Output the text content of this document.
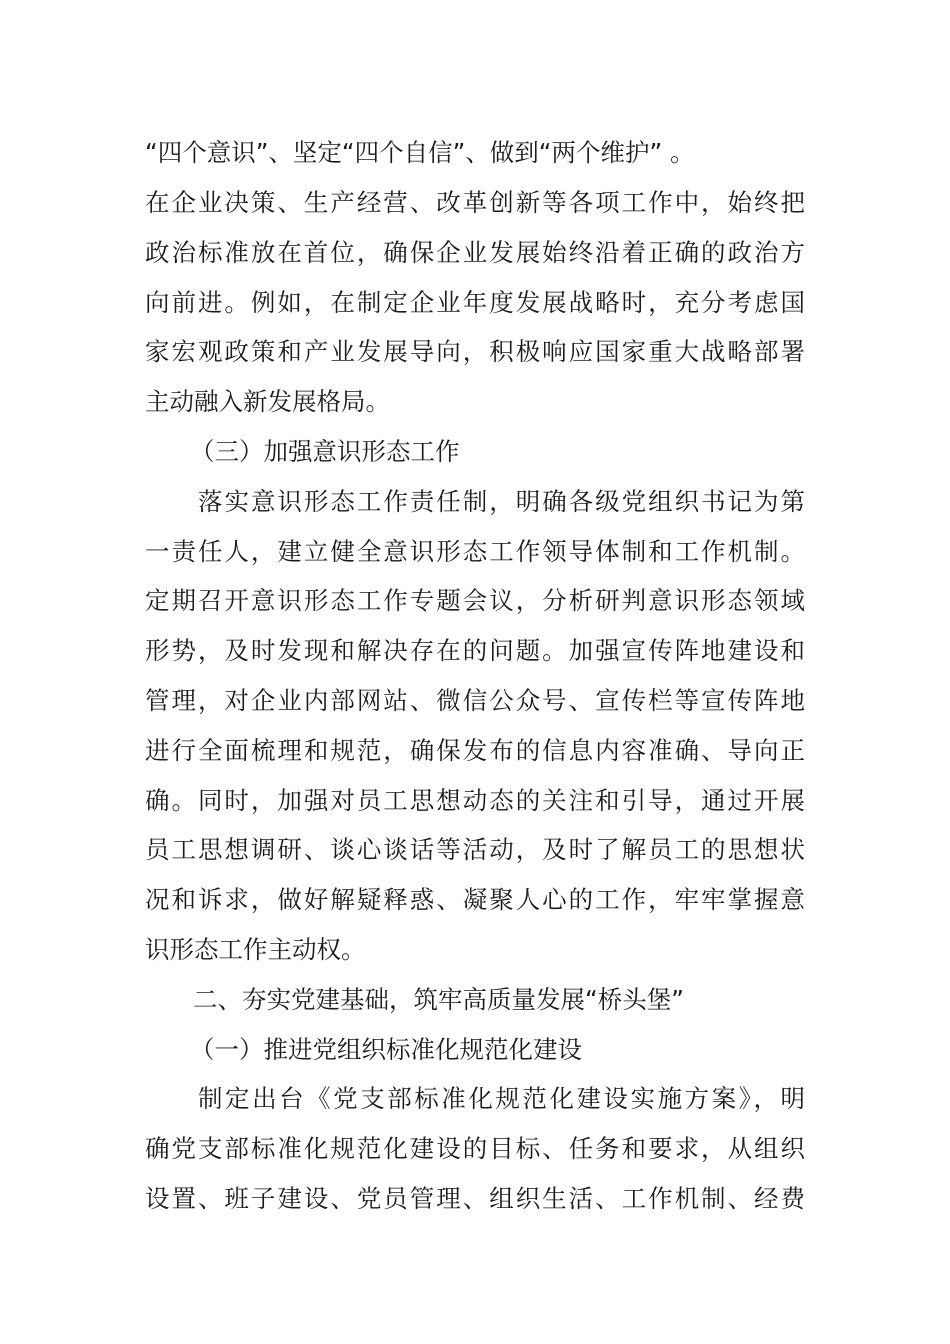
“四个意识”、坚定“四个自信”、做到“两个维护” 。
在企业决策、生产经营、改革创新等各项工作中，始终把
政治标准放在首位，确保企业发展始终沿着正确的政治方
向前进。例如，在制定企业年度发展战略时，充分考虑国
家宏观政策和产业发展导向，积极响应国家重大战略部署
主动融入新发展格局。
（三）加强意识形态工作
落实意识形态工作责任制，明确各级党组织书记为第
一责任人，建立健全意识形态工作领导体制和工作机制。
定期召开意识形态工作专题会议，分析研判意识形态领域
形势，及时发现和解决存在的问题。加强宣传阵地建设和
管理，对企业内部网站、微信公众号、宣传栏等宣传阵地
进行全面梳理和规范，确保发布的信息内容准确、导向正
确。同时，加强对员工思想动态的关注和引导，通过开展
员工思想调研、谈心谈话等活动，及时了解员工的思想状
况和诉求，做好解疑释惑、凝聚人心的工作，牢牢掌握意
识形态工作主动权。
二、夯实党建基础，筑牢高质量发展“桥头堡”
（一）推进党组织标准化规范化建设
制定出台《党支部标准化规范化建设实施方案》，明
确党支部标准化规范化建设的目标、任务和要求，从组织
设置、班子建设、党员管理、组织生活、工作机制、经费
